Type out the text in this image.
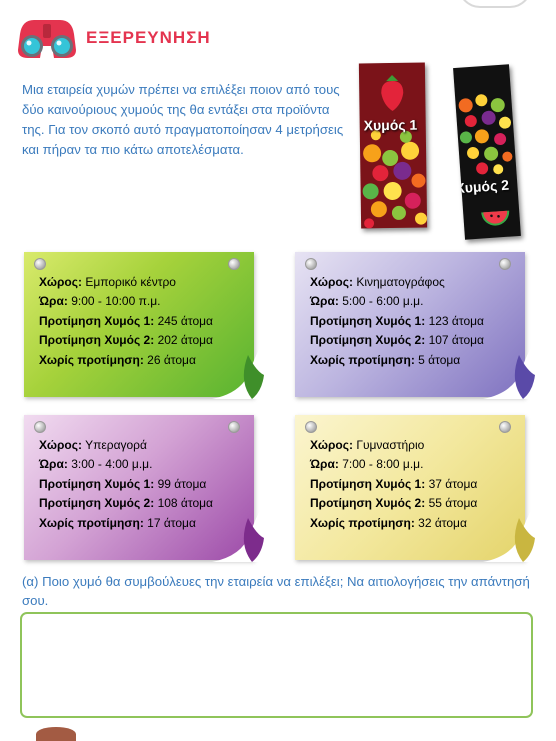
ΕΞΕΡΕΥΝΗΣΗ
Μια εταιρεία χυμών πρέπει να επιλέξει ποιον από τους δύο καινούριους χυμούς της θα εντάξει στα προϊόντα της. Για τον σκοπό αυτό πραγματοποίησαν 4 μετρήσεις και πήραν τα πιο κάτω αποτελέσματα.
Χυμός 1
Χυμός 2
Χώρος: Εμπορικό κέντρο
Ώρα: 9:00 - 10:00 π.μ.
Προτίμηση Χυμός 1: 245 άτομα
Προτίμηση Χυμός 2: 202 άτομα
Χωρίς προτίμηση: 26 άτομα
Χώρος: Κινηματογράφος
Ώρα: 5:00 - 6:00 μ.μ.
Προτίμηση Χυμός 1: 123 άτομα
Προτίμηση Χυμός 2: 107 άτομα
Χωρίς προτίμηση: 5 άτομα
Χώρος: Υπεραγορά
Ώρα: 3:00 - 4:00 μ.μ.
Προτίμηση Χυμός 1: 99 άτομα
Προτίμηση Χυμός 2: 108 άτομα
Χωρίς προτίμηση: 17 άτομα
Χώρος: Γυμναστήριο
Ώρα: 7:00 - 8:00 μ.μ.
Προτίμηση Χυμός 1: 37 άτομα
Προτίμηση Χυμός 2: 55 άτομα
Χωρίς προτίμηση: 32 άτομα
(α) Ποιο χυμό θα συμβούλευες την εταιρεία να επιλέξει; Να αιτιολογήσεις την απάντησή σου.
